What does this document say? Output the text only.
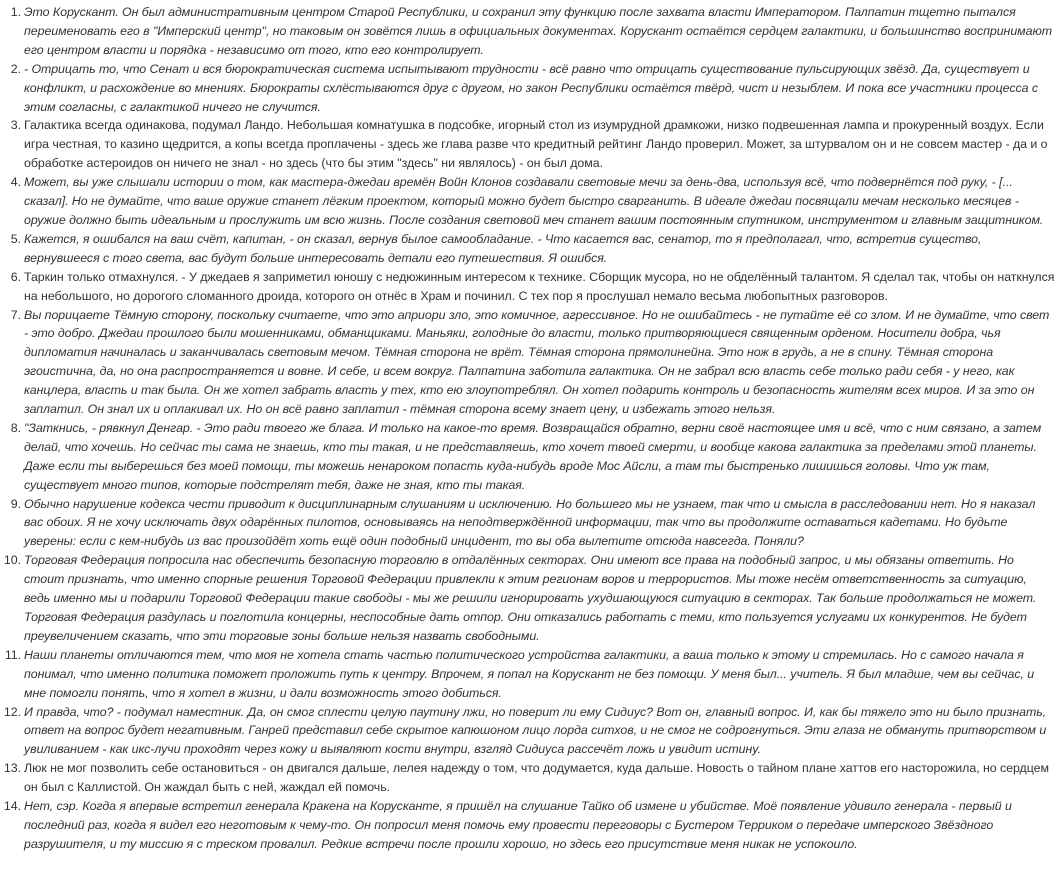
1. Это Корускант. Он был административным центром Старой Республики, и сохранил эту функцию после захвата власти Императором. Палпатин тщетно пытался переименовать его в "Имперский центр", но таковым он зовётся лишь в официальных документах. Корускант остаётся сердцем галактики, и большинство воспринимают его центром власти и порядка - независимо от того, кто его контролирует.
2. - Отрицать то, что Сенат и вся бюрократическая система испытывают трудности - всё равно что отрицать существование пульсирующих звёзд. Да, существует и конфликт, и расхождение во мнениях. Бюрократы схлёстываются друг с другом, но закон Республики остаётся твёрд, чист и незыблем. И пока все участники процесса с этим согласны, с галактикой ничего не случится.
3. Галактика всегда одинакова, подумал Ландо. Небольшая комнатушка в подсобке, игорный стол из изумрудной драмкожи, низко подвешенная лампа и прокуренный воздух. Если игра честная, то казино щедрится, а копы всегда проплачены - здесь же глава разве что кредитный рейтинг Ландо проверил. Может, за штурвалом он и не совсем мастер - да и о обработке астероидов он ничего не знал - но здесь (что бы этим "здесь" ни являлось) - он был дома.
4. Может, вы уже слышали истории о том, как мастера-джедаи времён Войн Клонов создавали световые мечи за день-два, используя всё, что подвернётся под руку, - [... сказал]. Но не думайте, что ваше оружие станет лёгким проектом, который можно будет быстро сварганить. В идеале джедаи посвящали мечам несколько месяцев - оружие должно быть идеальным и прослужить им всю жизнь. После создания световой меч станет вашим постоянным спутником, инструментом и главным защитником.
5. Кажется, я ошибался на ваш счёт, капитан, - он сказал, вернув былое самообладание. - Что касается вас, сенатор, то я предполагал, что, встретив существо, вернувшееся с того света, вас будут больше интересовать детали его путешествия. Я ошибся.
6. Таркин только отмахнулся. - У джедаев я заприметил юношу с недюжинным интересом к технике. Сборщик мусора, но не обделённый талантом. Я сделал так, чтобы он наткнулся на небольшого, но дорогого сломанного дроида, которого он отнёс в Храм и починил. С тех пор я прослушал немало весьма любопытных разговоров.
7. Вы порицаете Тёмную сторону, поскольку считаете, что это априори зло, это комичное, агрессивное. Но не ошибайтесь - не путайте её со злом. И не думайте, что свет - это добро. Джедаи прошлого были мошенниками, обманщиками. Маньяки, голодные до власти, только притворяющиеся священным орденом. Носители добра, чья дипломатия начиналась и заканчивалась световым мечом. Тёмная сторона не врёт. Тёмная сторона прямолинейна. Это нож в грудь, а не в спину. Тёмная сторона эгоистична, да, но она распространяется и вовне. И себе, и всем вокруг. Палпатина заботила галактика. Он не забрал всю власть себе только ради себя - у него, как канцлера, власть и так была. Он же хотел забрать власть у тех, кто ею злоупотреблял. Он хотел подарить контроль и безопасность жителям всех миров. И за это он заплатил. Он знал их и оплакивал их. Но он всё равно заплатил - тёмная сторона всему знает цену, и избежать этого нельзя.
8. "Заткнись, - рявкнул Денгар. - Это ради твоего же блага. И только на какое-то время. Возвращайся обратно, верни своё настоящее имя и всё, что с ним связано, а затем делай, что хочешь. Но сейчас ты сама не знаешь, кто ты такая, и не представляешь, кто хочет твоей смерти, и вообще какова галактика за пределами этой планеты. Даже если ты выберешься без моей помощи, ты можешь ненароком попасть куда-нибудь вроде Мос Айсли, а там ты быстренько лишишься головы. Что уж там, существует много типов, которые подстрелят тебя, даже не зная, кто ты такая.
9. Обычно нарушение кодекса чести приводит к дисциплинарным слушаниям и исключению. Но большего мы не узнаем, так что и смысла в расследовании нет. Но я наказал вас обоих. Я не хочу исключать двух одарённых пилотов, основываясь на неподтверждённой информации, так что вы продолжите оставаться кадетами. Но будьте уверены: если с кем-нибудь из вас произойдёт хоть ещё один подобный инцидент, то вы оба вылетите отсюда навсегда. Поняли?
10. Торговая Федерация попросила нас обеспечить безопасную торговлю в отдалённых секторах. Они имеют все права на подобный запрос, и мы обязаны ответить. Но стоит признать, что именно спорные решения Торговой Федерации привлекли к этим регионам воров и террористов. Мы тоже несём ответственность за ситуацию, ведь именно мы и подарили Торговой Федерации такие свободы - мы же решили игнорировать ухудшающуюся ситуацию в секторах. Так больше продолжаться не может. Торговая Федерация раздулась и поглотила концерны, неспособные дать отпор. Они отказались работать с теми, кто пользуется услугами их конкурентов. Не будет преувеличением сказать, что эти торговые зоны больше нельзя назвать свободными.
11. Наши планеты отличаются тем, что моя не хотела стать частью политического устройства галактики, а ваша только к этому и стремилась. Но с самого начала я понимал, что именно политика поможет проложить путь к центру. Впрочем, я попал на Корускант не без помощи. У меня был... учитель. Я был младше, чем вы сейчас, и мне помогли понять, что я хотел в жизни, и дали возможность этого добиться.
12. И правда, что? - подумал наместник. Да, он смог сплести целую паутину лжи, но поверит ли ему Сидиус? Вот он, главный вопрос. И, как бы тяжело это ни было признать, ответ на вопрос будет негативным. Ганрей представил себе скрытое капюшоном лицо лорда ситхов, и не смог не содрогнуться. Эти глаза не обмануть притворством и увиливанием - как икс-лучи проходят через кожу и выявляют кости внутри, взгляд Сидиуса рассечёт ложь и увидит истину.
13. Люк не мог позволить себе остановиться - он двигался дальше, лелея надежду о том, что додумается, куда дальше. Новость о тайном плане хаттов его насторожила, но сердцем он был с Каллистой. Он жаждал быть с ней, жаждал ей помочь.
14. Нет, сэр. Когда я впервые встретил генерала Кракена на Корусканте, я пришёл на слушание Тайко об измене и убийстве. Моё появление удивило генерала - первый и последний раз, когда я видел его неготовым к чему-то. Он попросил меня помочь ему провести переговоры с Бустером Терриком о передаче имперского Звёздного разрушителя, и ту миссию я с треском провалил. Редкие встречи после прошли хорошо, но здесь его присутствие меня никак не успокоило.
